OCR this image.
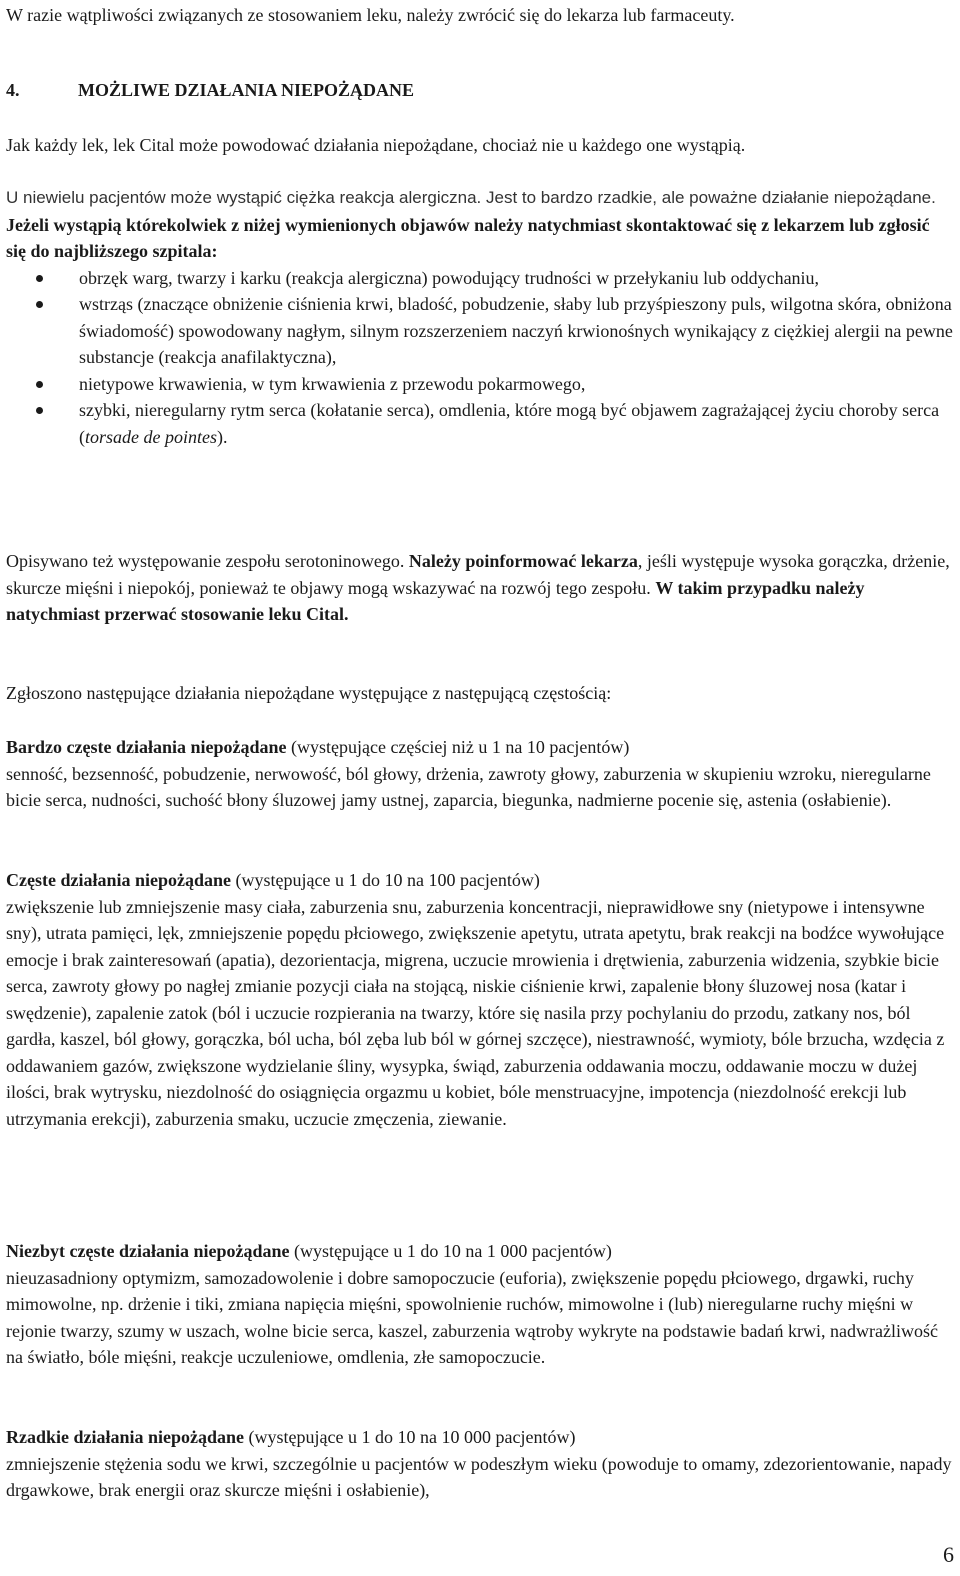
W razie wątpliwości związanych ze stosowaniem leku, należy zwrócić się do lekarza lub farmaceuty.

4.	MOŻLIWE DZIAŁANIA NIEPOŻĄDANE

Jak każdy lek, lek Cital może powodować działania niepożądane, chociaż nie u każdego one wystąpią.

U niewielu pacjentów może wystąpić ciężka reakcja alergiczna. Jest to bardzo rzadkie, ale poważne działanie niepożądane. Jeżeli wystąpią którekolwiek z niżej wymienionych objawów należy natychmiast skontaktować się z lekarzem lub zgłosić się do najbliższego szpitala:

obrzęk warg, twarzy i karku (reakcja alergiczna) powodujący trudności w przełykaniu lub oddychaniu,
wstrząs (znaczące obniżenie ciśnienia krwi, bladość, pobudzenie, słaby lub przyśpieszony puls, wilgotna skóra, obniżona świadomość) spowodowany nagłym, silnym rozszerzeniem naczyń krwionośnych wynikający z ciężkiej alergii na pewne substancje (reakcja anafilaktyczna),
nietypowe krwawienia, w tym krwawienia z przewodu pokarmowego,
szybki, nieregularny rytm serca (kołatanie serca), omdlenia, które mogą być objawem zagrażającej życiu choroby serca (torsade de pointes).

Opisywano też występowanie zespołu serotoninowego. Należy poinformować lekarza, jeśli występuje wysoka gorączka, drżenie, skurcze mięśni i niepokój, ponieważ te objawy mogą wskazywać na rozwój tego zespołu. W takim przypadku należy natychmiast przerwać stosowanie leku Cital.

Zgłoszono następujące działania niepożądane występujące z następującą częstością:

Bardzo częste działania niepożądane (występujące częściej niż u 1 na 10 pacjentów)

senność, bezsenność, pobudzenie, nerwowość, ból głowy, drżenia, zawroty głowy, zaburzenia w skupieniu wzroku, nieregularne bicie serca, nudności, suchość błony śluzowej jamy ustnej, zaparcia, biegunka, nadmierne pocenie się, astenia (osłabienie).

Częste działania niepożądane (występujące u 1 do 10 na 100 pacjentów)

zwiększenie lub zmniejszenie masy ciała, zaburzenia snu, zaburzenia koncentracji, nieprawidłowe sny (nietypowe i intensywne sny), utrata pamięci, lęk, zmniejszenie popędu płciowego, zwiększenie apetytu, utrata apetytu, brak reakcji na bodźce wywołujące emocje i brak zainteresowań (apatia), dezorientacja, migrena, uczucie mrowienia i drętwienia, zaburzenia widzenia, szybkie bicie serca, zawroty głowy po nagłej zmianie pozycji ciała na stojącą, niskie ciśnienie krwi, zapalenie błony śluzowej nosa (katar i swędzenie), zapalenie zatok (ból i uczucie rozpierania na twarzy, które się nasila przy pochylaniu do przodu, zatkany nos, ból gardła, kaszel, ból głowy, gorączka, ból ucha, ból zęba lub ból w górnej szczęce), niestrawność, wymioty, bóle brzucha, wzdęcia z oddawaniem gazów, zwiększone wydzielanie śliny, wysypka, świąd, zaburzenia oddawania moczu, oddawanie moczu w dużej ilości, brak wytrysku, niezdolność do osiągnięcia orgazmu u kobiet, bóle menstruacyjne, impotencja (niezdolność erekcji lub utrzymania erekcji), zaburzenia smaku, uczucie zmęczenia, ziewanie.

Niezbyt częste działania niepożądane (występujące u 1 do 10 na 1 000 pacjentów)

nieuzasadniony optymizm, samozadowolenie i dobre samopoczucie (euforia), zwiększenie popędu płciowego, drgawki, ruchy mimowolne, np. drżenie i tiki, zmiana napięcia mięśni, spowolnienie ruchów, mimowolne i (lub) nieregularne ruchy mięśni w rejonie twarzy, szumy w uszach, wolne bicie serca, kaszel, zaburzenia wątroby wykryte na podstawie badań krwi, nadwrażliwość na światło, bóle mięśni, reakcje uczuleniowe, omdlenia, złe samopoczucie.

Rzadkie działania niepożądane (występujące u 1 do 10 na 10 000 pacjentów)

zmniejszenie stężenia sodu we krwi, szczególnie u pacjentów w podeszłym wieku (powoduje to omamy, zdezorientowanie, napady drgawkowe, brak energii oraz skurcze mięśni i osłabienie),

6
